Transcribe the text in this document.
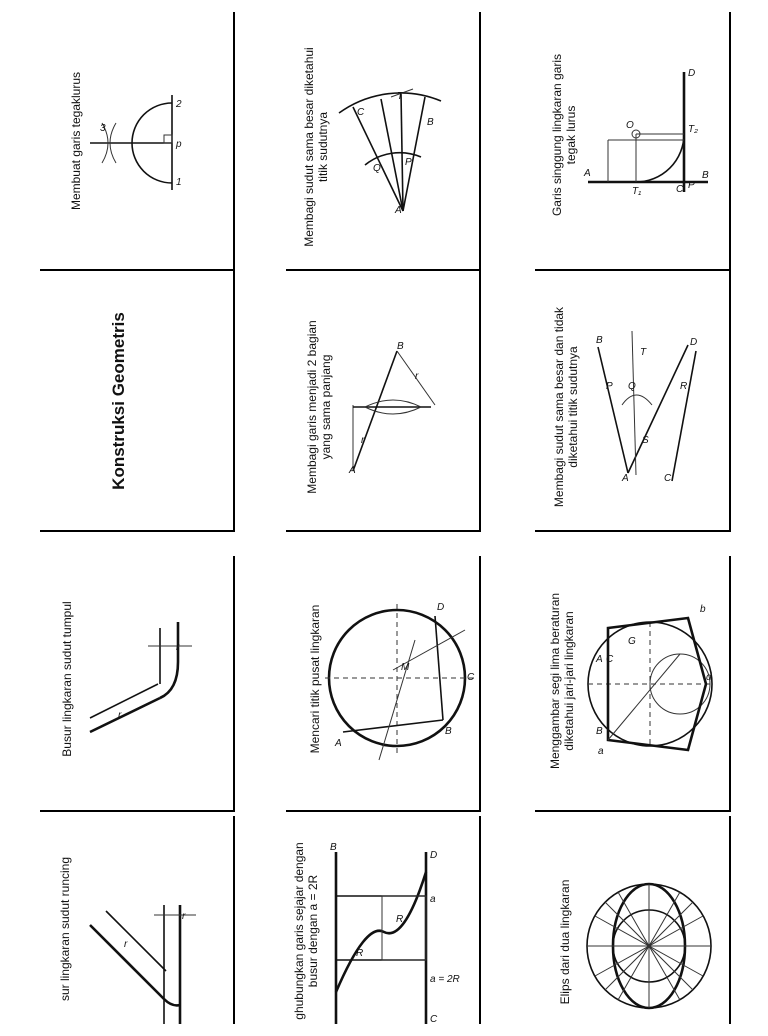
Membuat garis tegaklurus 3
2
p
1	Membagi sudut sama besar diketahui titik sudutnya
A
B
C
P
Q
T	Garis singgung lingkaran garis tegak lurus
A	B
C P
D
O
T₁
T₂
Konstruksi Geometris	Membagi garis menjadi 2 bagian yang sama panjang
A
B
r
r	Membagi sudut sama besar dan tidak diketahui titik sudutnya
A
B
C
D
P Q	R
S
T
Busur lingkaran sudut tumpul	r
r	Mencari titik pusat lingkaran A
B
C
D
M	Menggambar segi lima beraturan diketahui jari-jari lingkaran A
B
C
d
b
a
G
sur lingkaran sudut runcing	r
r	ghubungkan garis sejajar dengan busur dengan a = 2R
B
D
C
a = 2R
R
R
a	Elips dari dua lingkaran
